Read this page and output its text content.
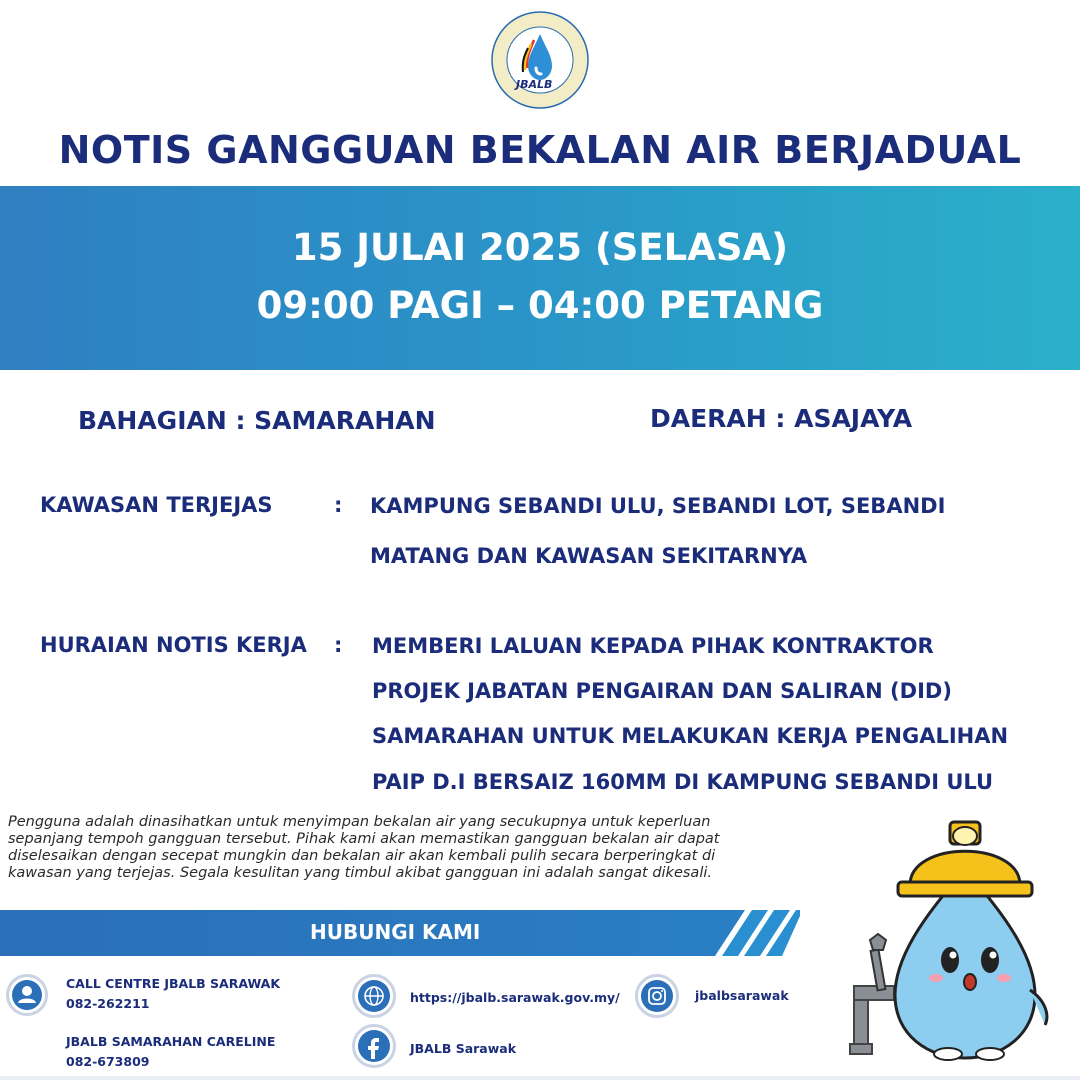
JBALB
NOTIS GANGGUAN BEKALAN AIR BERJADUAL
15 JULAI 2025 (SELASA)
09:00 PAGI – 04:00 PETANG
BAHAGIAN : SAMARAHAN	DAERAH : ASAJAYA
KAWASAN TERJEJAS	: KAMPUNG SEBANDI ULU, SEBANDI LOT, SEBANDI
MATANG DAN KAWASAN SEKITARNYA
HURAIAN NOTIS KERJA : MEMBERI LALUAN KEPADA PIHAK KONTRAKTOR
PROJEK JABATAN PENGAIRAN DAN SALIRAN (DID)
SAMARAHAN UNTUK MELAKUKAN KERJA PENGALIHAN
PAIP D.I BERSAIZ 160MM DI KAMPUNG SEBANDI ULU
Pengguna adalah dinasihatkan untuk menyimpan bekalan air yang secukupnya untuk keperluan
sepanjang tempoh gangguan tersebut. Pihak kami akan memastikan gangguan bekalan air dapat
diselesaikan dengan secepat mungkin dan bekalan air akan kembali pulih secara berperingkat di
kawasan yang terjejas. Segala kesulitan yang timbul akibat gangguan ini adalah sangat dikesali.
HUBUNGI KAMI
CALL CENTRE JBALB SARAWAK
082-262211
JBALB SAMARAHAN CARELINE
082-673809
https://jbalb.sarawak.gov.my/
JBALB Sarawak
jbalbsarawak
